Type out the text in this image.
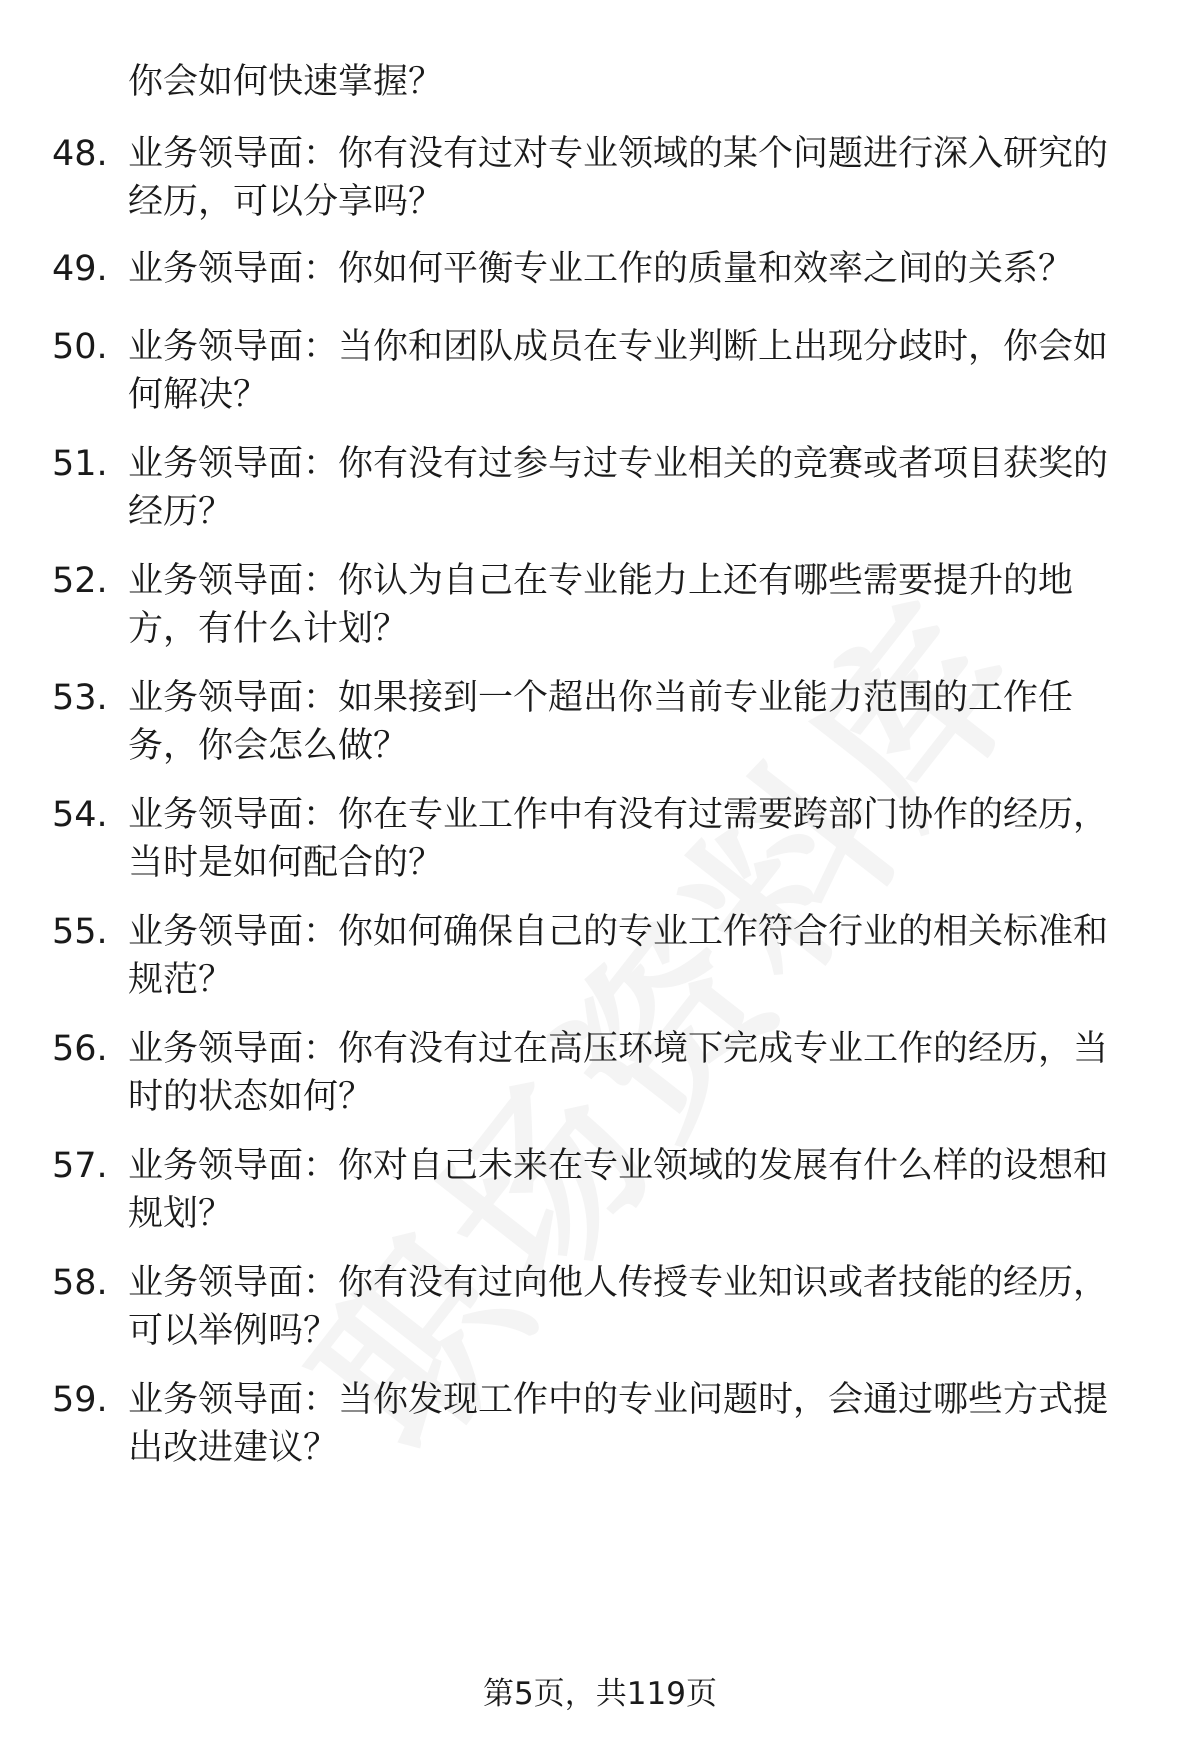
你会如何快速掌握？
48. 业务领导面：你有没有过对专业领域的某个问题进行深入研究的
经历，可以分享吗？
49. 业务领导面：你如何平衡专业工作的质量和效率之间的关系？
50. 业务领导面：当你和团队成员在专业判断上出现分歧时，你会如
何解决？
51. 业务领导面：你有没有过参与过专业相关的竞赛或者项目获奖的
经历？
52. 业务领导面：你认为自己在专业能力上还有哪些需要提升的地
方，有什么计划？
53. 业务领导面：如果接到一个超出你当前专业能力范围的工作任
务，你会怎么做？
54. 业务领导面：你在专业工作中有没有过需要跨部门协作的经历，
当时是如何配合的？
55. 业务领导面：你如何确保自己的专业工作符合行业的相关标准和
规范？
56. 业务领导面：你有没有过在高压环境下完成专业工作的经历，当
时的状态如何？
57. 业务领导面：你对自己未来在专业领域的发展有什么样的设想和
规划？
58. 业务领导面：你有没有过向他人传授专业知识或者技能的经历，
可以举例吗？
59. 业务领导面：当你发现工作中的专业问题时，会通过哪些方式提
出改进建议？
第5页，共119页
